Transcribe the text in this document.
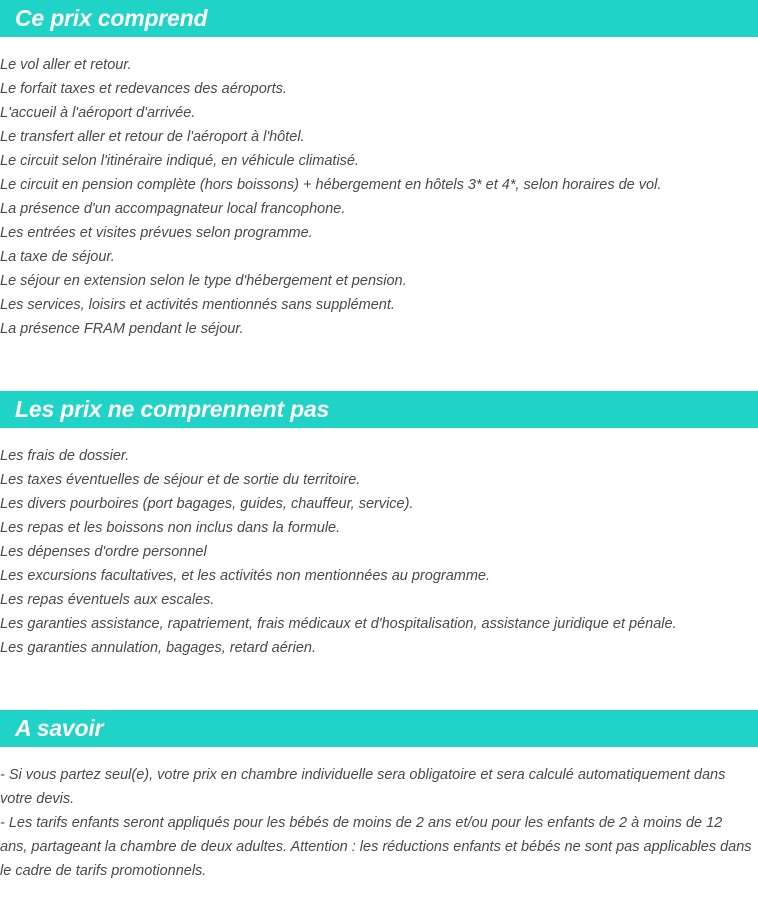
Ce prix comprend
Le vol aller et retour.
Le forfait taxes et redevances des aéroports.
L'accueil à l'aéroport d'arrivée.
Le transfert aller et retour de l'aéroport à l'hôtel.
Le circuit selon l'itinéraire indiqué, en véhicule climatisé.
Le circuit en pension complète (hors boissons) + hébergement en hôtels 3* et 4*, selon horaires de vol.
La présence d'un accompagnateur local francophone.
Les entrées et visites prévues selon programme.
La taxe de séjour.
Le séjour en extension selon le type d'hébergement et pension.
Les services, loisirs et activités mentionnés sans supplément.
La présence FRAM pendant le séjour.
Les prix ne comprennent pas
Les frais de dossier.
Les taxes éventuelles de séjour et de sortie du territoire.
Les divers pourboires (port bagages, guides, chauffeur, service).
Les repas et les boissons non inclus dans la formule.
Les dépenses d'ordre personnel
Les excursions facultatives, et les activités non mentionnées au programme.
Les repas éventuels aux escales.
Les garanties assistance, rapatriement, frais médicaux et d'hospitalisation, assistance juridique et pénale.
Les garanties annulation, bagages, retard aérien.
A savoir
- Si vous partez seul(e), votre prix en chambre individuelle sera obligatoire et sera calculé automatiquement dans votre devis.
- Les tarifs enfants seront appliqués pour les bébés de moins de 2 ans et/ou pour les enfants de 2 à moins de 12 ans, partageant la chambre de deux adultes. Attention : les réductions enfants et bébés ne sont pas applicables dans le cadre de tarifs promotionnels.
